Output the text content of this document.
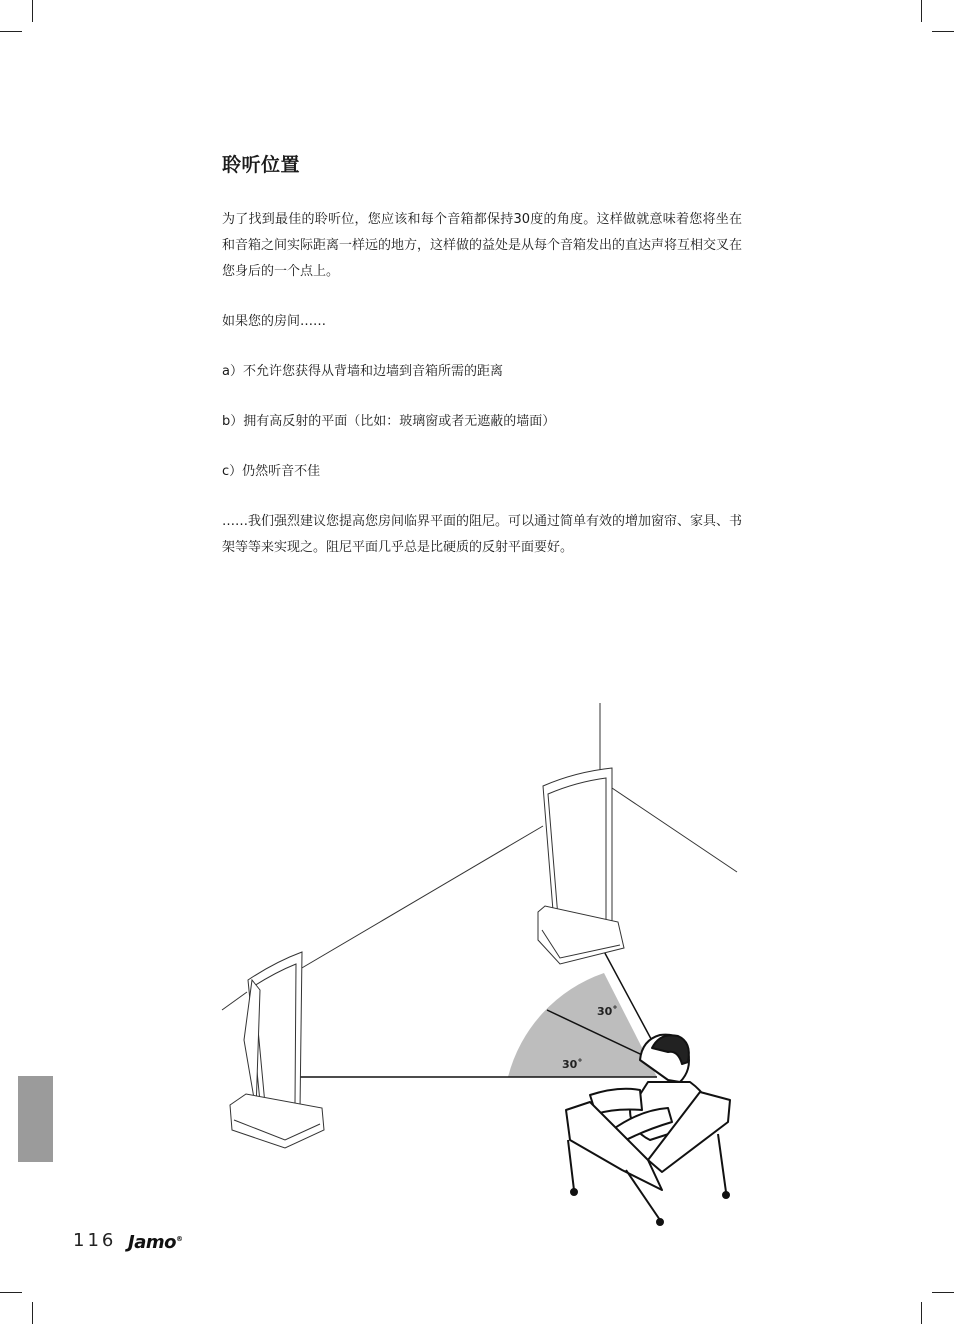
聆听位置

为了找到最佳的聆听位，您应该和每个音箱都保持30度的角度。这样做就意味着您将坐在和音箱之间实际距离一样远的地方，这样做的益处是从每个音箱发出的直达声将互相交叉在您身后的一个点上。

如果您的房间……

a）不允许您获得从背墙和边墙到音箱所需的距离

b）拥有高反射的平面（比如：玻璃窗或者无遮蔽的墙面）

c）仍然听音不佳

……我们强烈建议您提高您房间临界平面的阻尼。可以通过简单有效的增加窗帘、家具、书架等等来实现之。阻尼平面几乎总是比硬质的反射平面要好。

30˚
30˚
116 Jamo®
